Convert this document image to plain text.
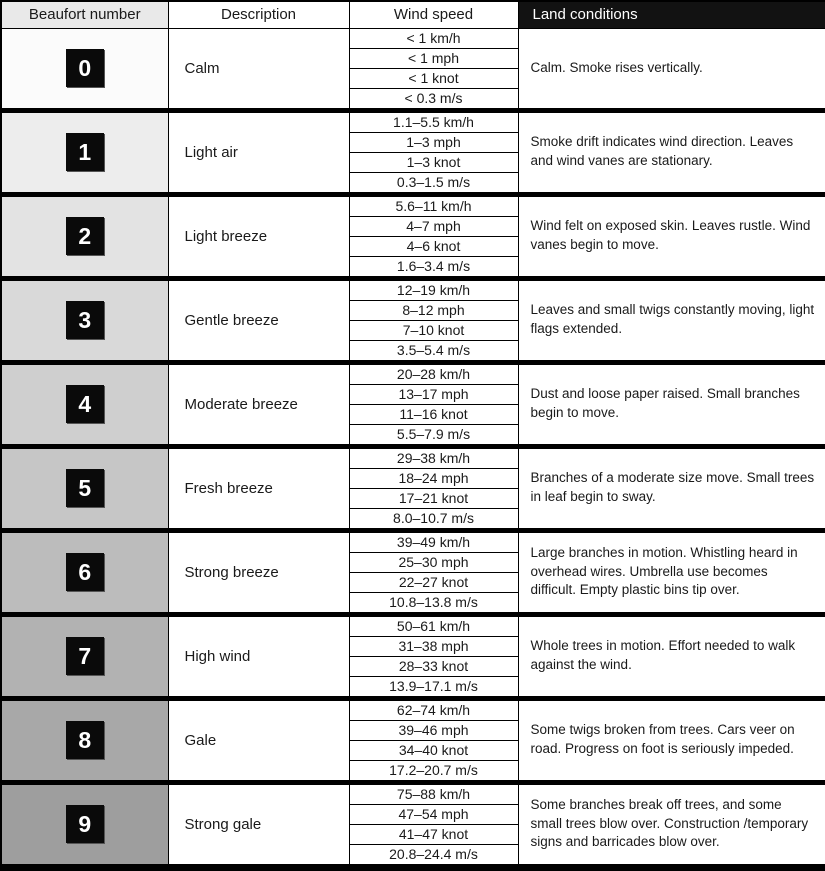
Beaufort number	Description	Wind speed	Land conditions

0	Calm	< 1 km/h	Calm. Smoke rises vertically.
		< 1 mph	
		< 1 knot	
		< 0.3 m/s	

1	Light air	1.1–5.5 km/h	Smoke drift indicates wind direction. Leaves and wind vanes are stationary.
		1–3 mph	
		1–3 knot	
		0.3–1.5 m/s	

2	Light breeze	5.6–11 km/h	Wind felt on exposed skin. Leaves rustle. Wind vanes begin to move.
		4–7 mph	
		4–6 knot	
		1.6–3.4 m/s	

3	Gentle breeze	12–19 km/h	Leaves and small twigs constantly moving, light flags extended.
		8–12 mph	
		7–10 knot	
		3.5–5.4 m/s	

4	Moderate breeze	20–28 km/h	Dust and loose paper raised. Small branches begin to move.
		13–17 mph	
		11–16 knot	
		5.5–7.9 m/s	

5	Fresh breeze	29–38 km/h	Branches of a moderate size move. Small trees in leaf begin to sway.
		18–24 mph	
		17–21 knot	
		8.0–10.7 m/s	

6	Strong breeze	39–49 km/h	Large branches in motion. Whistling heard in overhead wires. Umbrella use becomes difficult. Empty plastic bins tip over.
		25–30 mph	
		22–27 knot	
		10.8–13.8 m/s	

7	High wind	50–61 km/h	Whole trees in motion. Effort needed to walk against the wind.
		31–38 mph	
		28–33 knot	
		13.9–17.1 m/s	

8	Gale	62–74 km/h	Some twigs broken from trees. Cars veer on road. Progress on foot is seriously impeded.
		39–46 mph	
		34–40 knot	
		17.2–20.7 m/s	

9	Strong gale	75–88 km/h	Some branches break off trees, and some small trees blow over. Construction /temporary signs and barricades blow over.
		47–54 mph	
		41–47 knot	
		20.8–24.4 m/s	
